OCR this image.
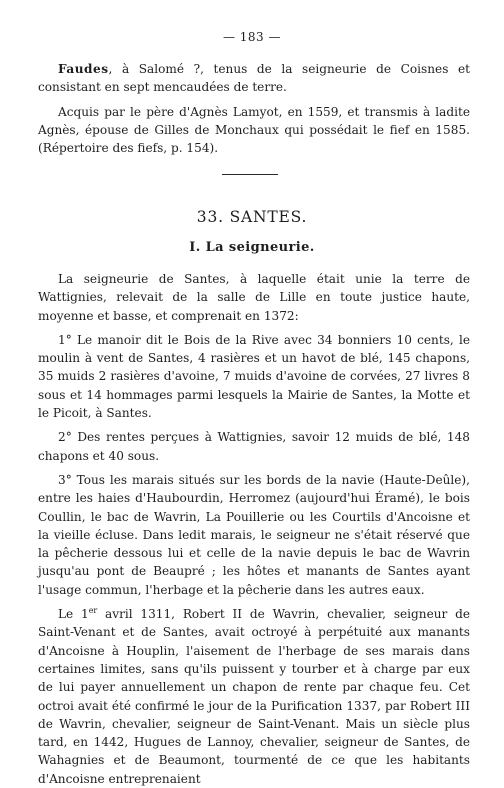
— 183 —

Faudes, à Salomé ?, tenus de la seigneurie de Coisnes et consistant en sept mencaudées de terre.

Acquis par le père d'Agnès Lamyot, en 1559, et transmis à ladite Agnès, épouse de Gilles de Monchaux qui possédait le fief en 1585. (Répertoire des fiefs, p. 154).

33. SANTES.
I. La seigneurie.

La seigneurie de Santes, à laquelle était unie la terre de Wattignies, relevait de la salle de Lille en toute justice haute, moyenne et basse, et comprenait en 1372:

1° Le manoir dit le Bois de la Rive avec 34 bonniers 10 cents, le moulin à vent de Santes, 4 rasières et un havot de blé, 145 chapons, 35 muids 2 rasières d'avoine, 7 muids d'avoine de corvées, 27 livres 8 sous et 14 hommages parmi lesquels la Mairie de Santes, la Motte et le Picoit, à Santes.

2° Des rentes perçues à Wattignies, savoir 12 muids de blé, 148 chapons et 40 sous.

3° Tous les marais situés sur les bords de la navie (Haute-Deûle), entre les haies d'Haubourdin, Herromez (aujourd'hui Éramé), le bois Coullin, le bac de Wavrin, La Pouillerie ou les Courtils d'Ancoisne et la vieille écluse. Dans ledit marais, le seigneur ne s'était réservé que la pêcherie dessous lui et celle de la navie depuis le bac de Wavrin jusqu'au pont de Beaupré ; les hôtes et manants de Santes ayant l'usage commun, l'herbage et la pêcherie dans les autres eaux.

Le 1er avril 1311, Robert II de Wavrin, chevalier, seigneur de Saint-Venant et de Santes, avait octroyé à perpétuité aux manants d'Ancoisne à Houplin, l'aisement de l'herbage de ses marais dans certaines limites, sans qu'ils puissent y tourber et à charge par eux de lui payer annuellement un chapon de rente par chaque feu. Cet octroi avait été confirmé le jour de la Purification 1337, par Robert III de Wavrin, chevalier, seigneur de Saint-Venant. Mais un siècle plus tard, en 1442, Hugues de Lannoy, chevalier, seigneur de Santes, de Wahagnies et de Beaumont, tourmenté de ce que les habitants d'Ancoisne entreprenaient
